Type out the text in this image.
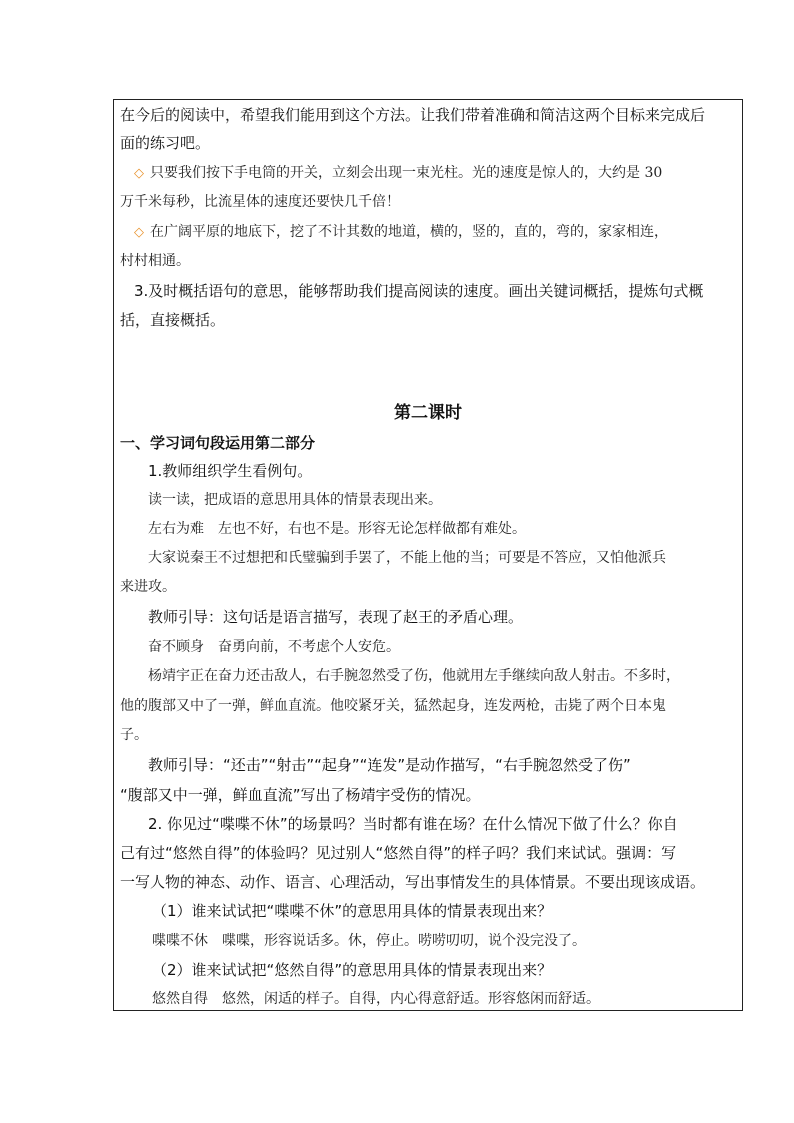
在今后的阅读中，希望我们能用到这个方法。让我们带着准确和简洁这两个目标来完成后
面的练习吧。
◇ 只要我们按下手电筒的开关，立刻会出现一束光柱。光的速度是惊人的，大约是 30
万千米每秒，比流星体的速度还要快几千倍！
◇ 在广阔平原的地底下，挖了不计其数的地道，横的，竖的，直的，弯的，家家相连，
村村相通。
3.及时概括语句的意思，能够帮助我们提高阅读的速度。画出关键词概括，提炼句式概
括，直接概括。
第二课时
一、学习词句段运用第二部分
1.教师组织学生看例句。
读一读，把成语的意思用具体的情景表现出来。
左右为难　左也不好，右也不是。形容无论怎样做都有难处。
大家说秦王不过想把和氏璧骗到手罢了，不能上他的当；可要是不答应，又怕他派兵
来进攻。
教师引导：这句话是语言描写，表现了赵王的矛盾心理。
奋不顾身　奋勇向前，不考虑个人安危。
杨靖宇正在奋力还击敌人，右手腕忽然受了伤，他就用左手继续向敌人射击。不多时，
他的腹部又中了一弹，鲜血直流。他咬紧牙关，猛然起身，连发两枪，击毙了两个日本鬼
子。
教师引导：“还击”“射击”“起身”“连发”是动作描写，“右手腕忽然受了伤”
“腹部又中一弹，鲜血直流”写出了杨靖宇受伤的情况。
2. 你见过“喋喋不休”的场景吗？当时都有谁在场？在什么情况下做了什么？你自
己有过“悠然自得”的体验吗？见过别人“悠然自得”的样子吗？我们来试试。强调：写
一写人物的神态、动作、语言、心理活动，写出事情发生的具体情景。不要出现该成语。
（1）谁来试试把“喋喋不休”的意思用具体的情景表现出来？
喋喋不休　喋喋，形容说话多。休，停止。唠唠叨叨，说个没完没了。
（2）谁来试试把“悠然自得”的意思用具体的情景表现出来？
悠然自得　悠然，闲适的样子。自得，内心得意舒适。形容悠闲而舒适。
